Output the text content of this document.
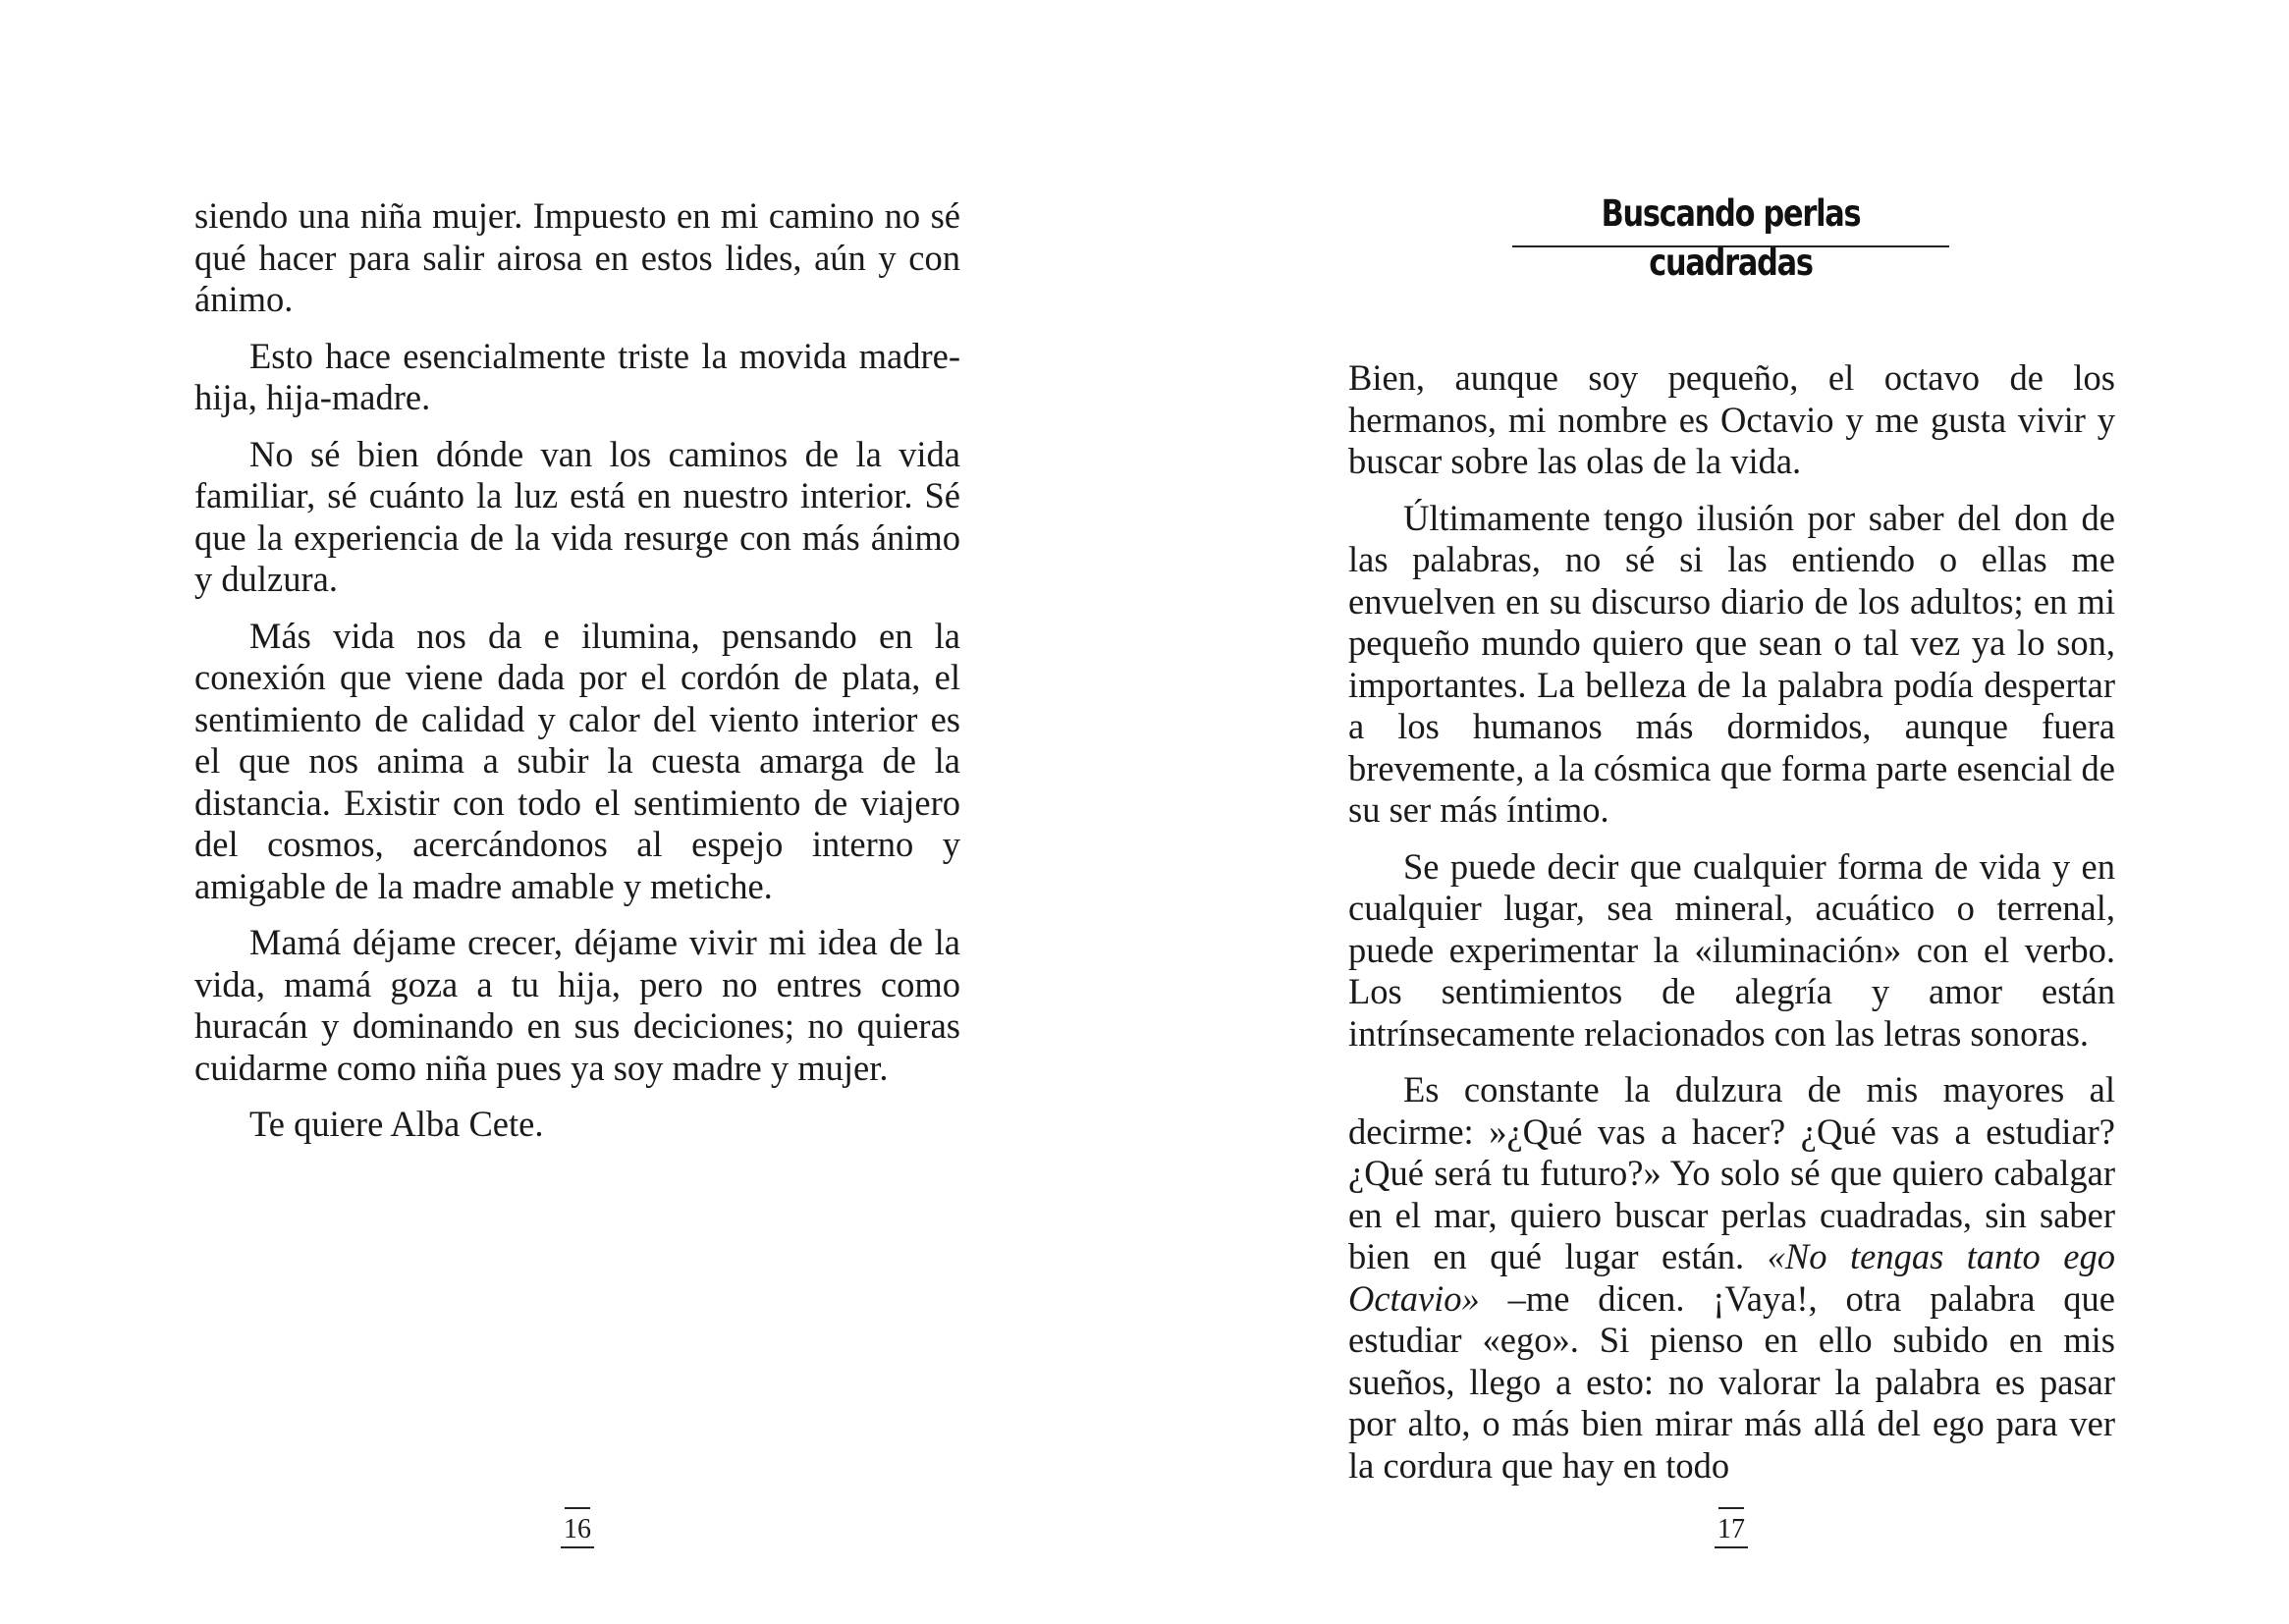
siendo una niña mujer. Impuesto en mi camino no sé qué hacer para salir airosa en estos lides, aún y con ánimo.

Esto hace esencialmente triste la movida madre-hija, hija-madre.

No sé bien dónde van los caminos de la vida familiar, sé cuánto la luz está en nuestro interior. Sé que la experiencia de la vida resurge con más ánimo y dulzura.

Más vida nos da e ilumina, pensando en la conexión que viene dada por el cordón de plata, el sentimiento de calidad y calor del viento interior es el que nos anima a subir la cuesta amarga de la distancia. Existir con todo el sentimiento de viajero del cosmos, acercándonos al espejo interno y amigable de la madre amable y metiche.

Mamá déjame crecer, déjame vivir mi idea de la vida, mamá goza a tu hija, pero no entres como huracán y dominando en sus deciciones; no quieras cuidarme como niña pues ya soy madre y mujer.

Te quiere Alba Cete.

16
Buscando perlas cuadradas

Bien, aunque soy pequeño, el octavo de los hermanos, mi nombre es Octavio y me gusta vivir y buscar sobre las olas de la vida.

Últimamente tengo ilusión por saber del don de las palabras, no sé si las entiendo o ellas me envuelven en su discurso diario de los adultos; en mi pequeño mundo quiero que sean o tal vez ya lo son, importantes. La belleza de la palabra podía despertar a los humanos más dormidos, aunque fuera brevemente, a la cósmica que forma parte esencial de su ser más íntimo.

Se puede decir que cualquier forma de vida y en cualquier lugar, sea mineral, acuático o terrenal, puede experimentar la «iluminación» con el verbo. Los sentimientos de alegría y amor están intrínsecamente relacionados con las letras sonoras.

Es constante la dulzura de mis mayores al decirme: »¿Qué vas a hacer? ¿Qué vas a estudiar? ¿Qué será tu futuro?» Yo solo sé que quiero cabalgar en el mar, quiero buscar perlas cuadradas, sin saber bien en qué lugar están. «No tengas tanto ego Octavio» –me dicen. ¡Vaya!, otra palabra que estudiar «ego». Si pienso en ello subido en mis sueños, llego a esto: no valorar la palabra es pasar por alto, o más bien mirar más allá del ego para ver la cordura que hay en todo

17
